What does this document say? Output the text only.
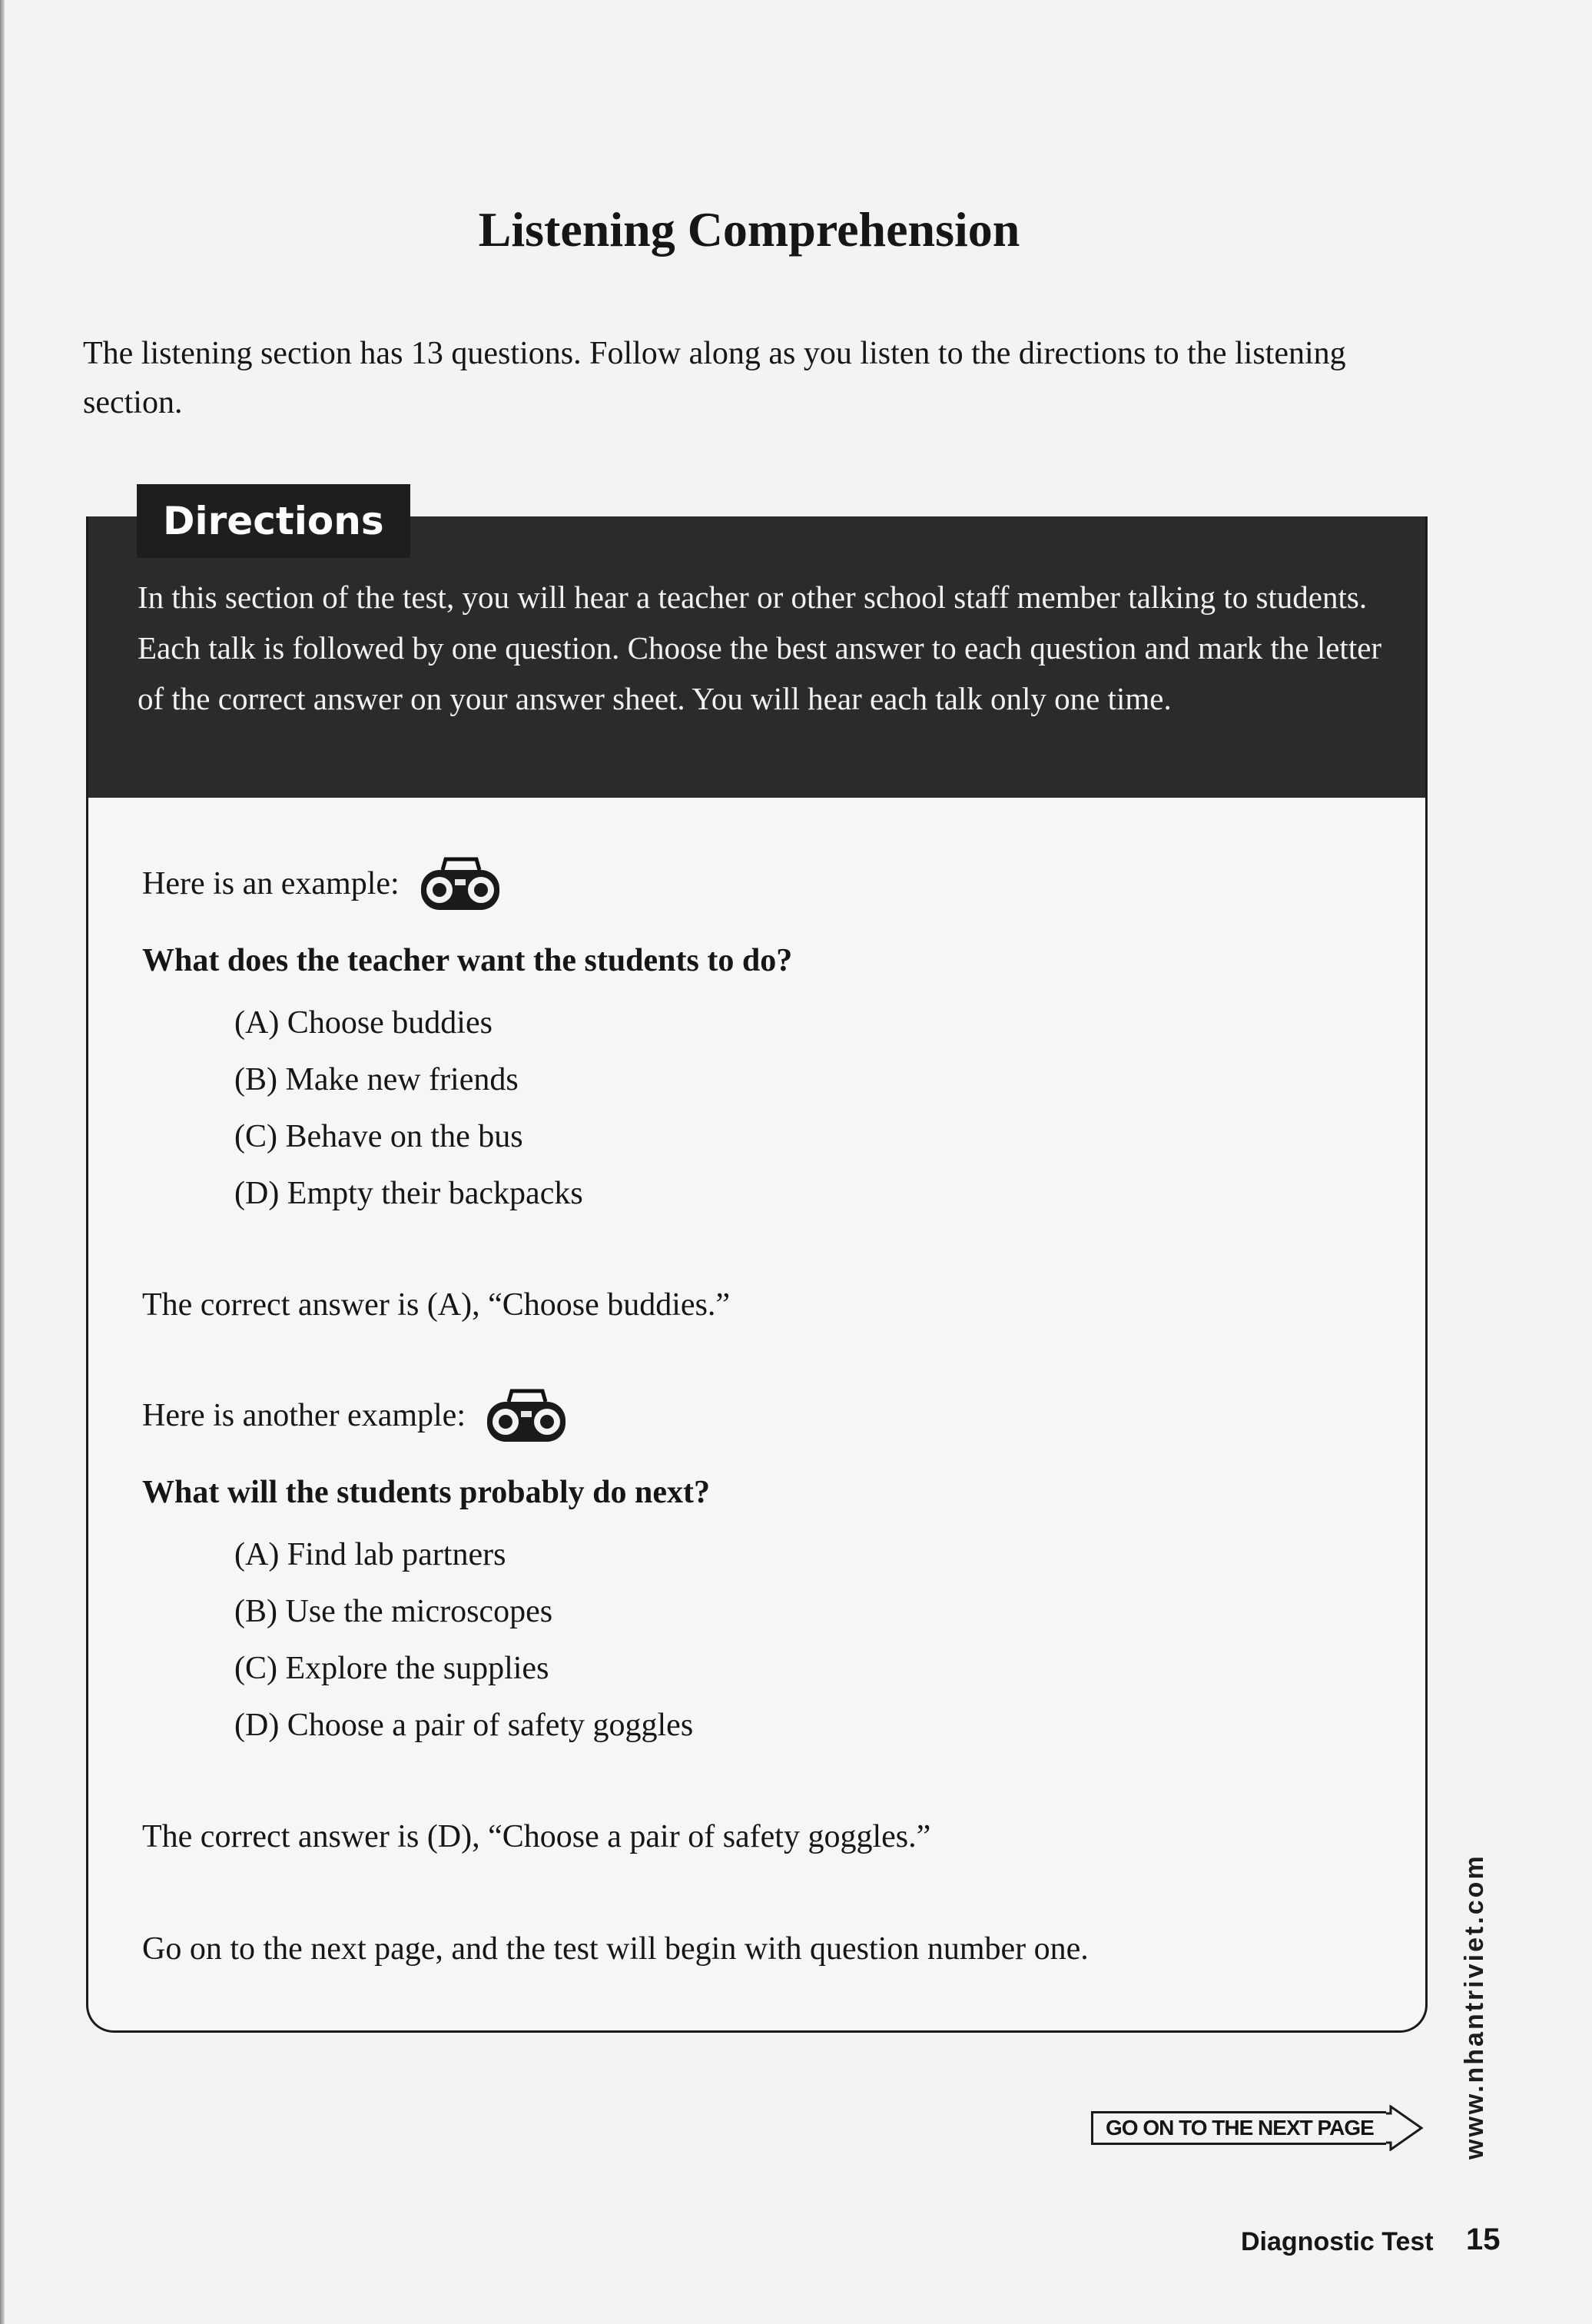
Listening Comprehension

The listening section has 13 questions. Follow along as you listen to the directions to the listening section.

In this section of the test, you will hear a teacher or other school staff member talking to students. Each talk is followed by one question. Choose the best answer to each question and mark the letter of the correct answer on your answer sheet. You will hear each talk only one time.

Here is an example:
What does the teacher want the students to do?
(A) Choose buddies
(B) Make new friends
(C) Behave on the bus
(D) Empty their backpacks
The correct answer is (A), “Choose buddies.”
Here is another example:
What will the students probably do next?
(A) Find lab partners
(B) Use the microscopes
(C) Explore the supplies
(D) Choose a pair of safety goggles
The correct answer is (D), “Choose a pair of safety goggles.”
Go on to the next page, and the test will begin with question number one.
Directions
GO ON TO THE NEXT PAGE	www.nhantriviet.com
Diagnostic Test 15
